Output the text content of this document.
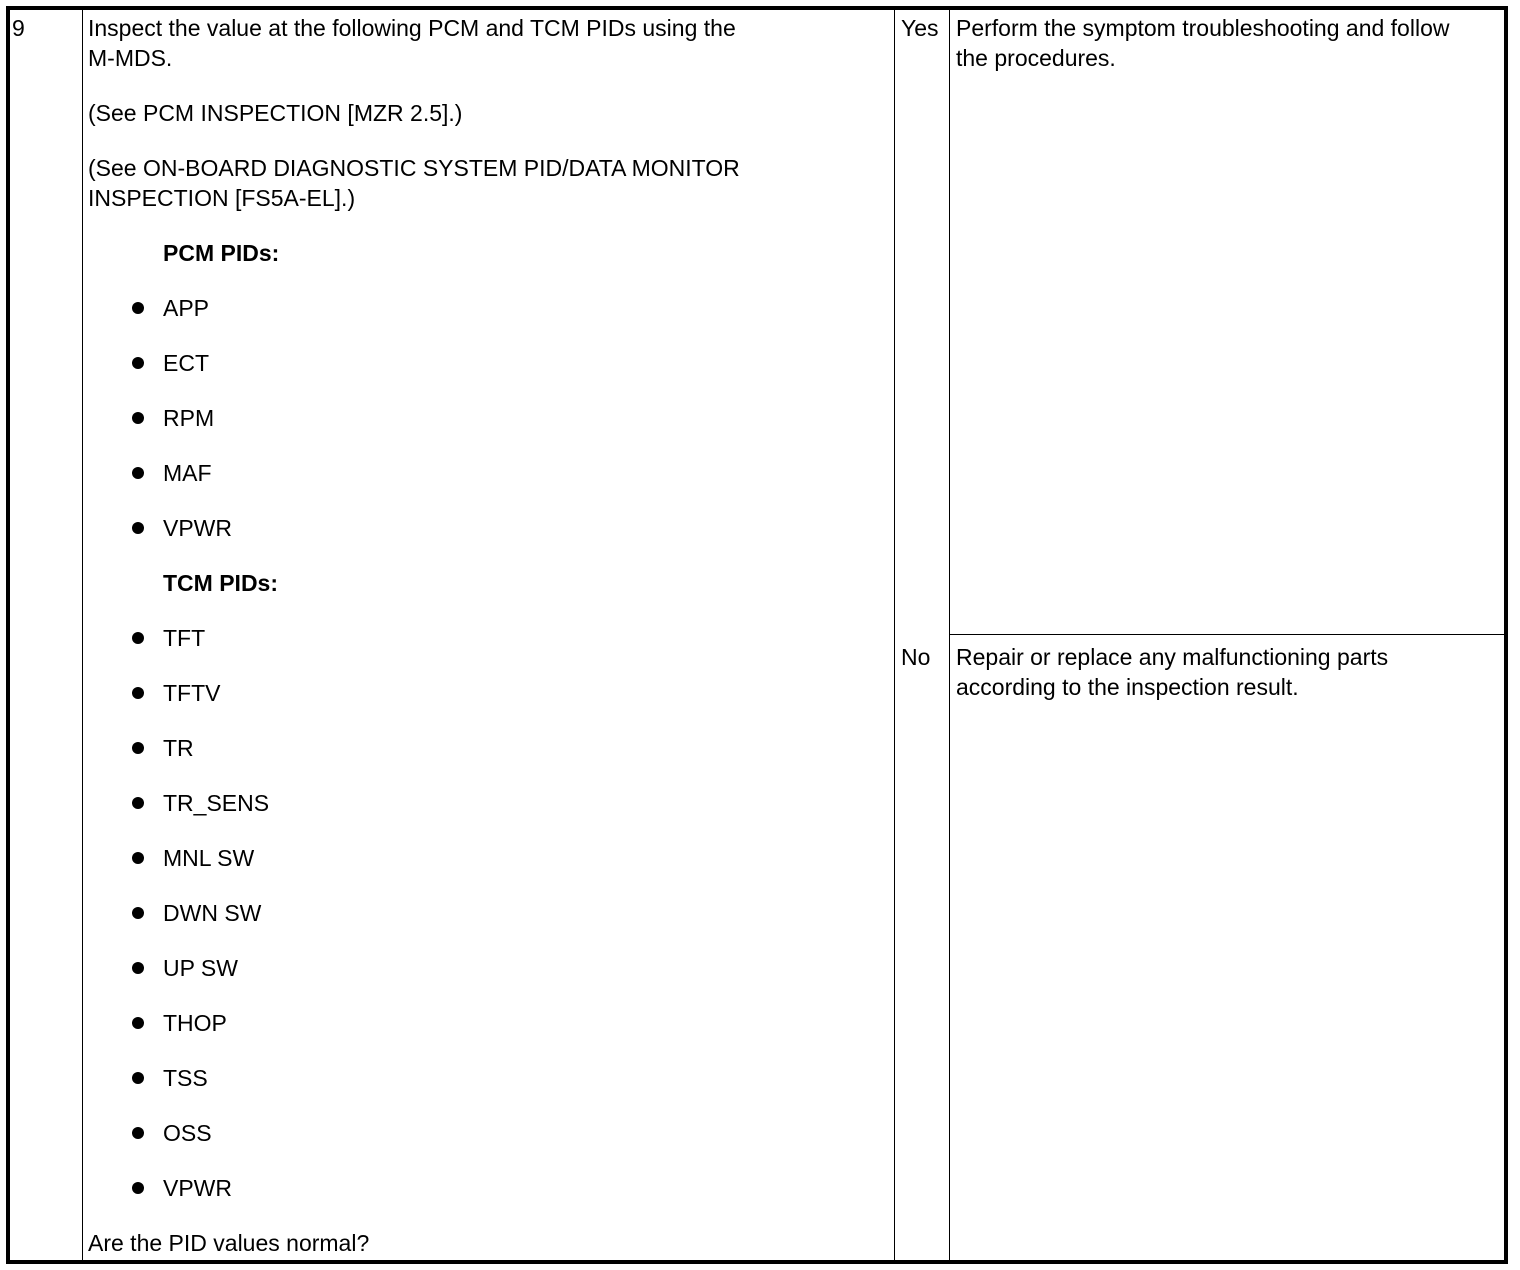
9	Inspect the value at the following PCM and TCM PIDs using the
M-MDS.
(See PCM INSPECTION [MZR 2.5].)
(See ON-BOARD DIAGNOSTIC SYSTEM PID/DATA MONITOR
INSPECTION [FS5A-EL].)
PCM PIDs:
APP
ECT
RPM
MAF
VPWR
TCM PIDs:
TFT
TFTV
TR
TR_SENS
MNL SW
DWN SW
UP SW
THOP
TSS
OSS
VPWR
Are the PID values normal?
Yes Perform the symptom troubleshooting and follow
the procedures.
No Repair or replace any malfunctioning parts
according to the inspection result.
